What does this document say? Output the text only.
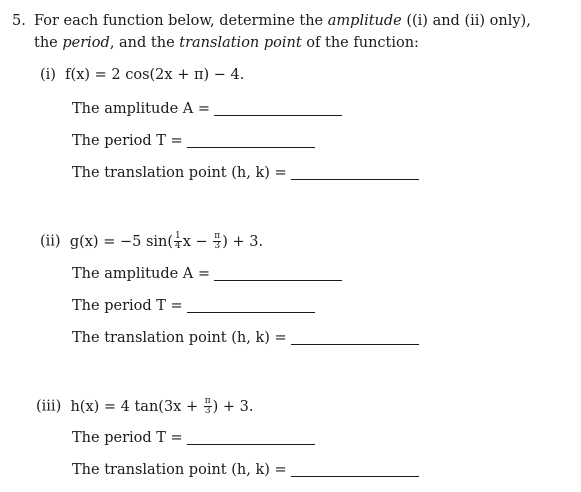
5. For each function below, determine the amplitude ((i) and (ii) only),
the period, and the translation point of the function:
(i) f(x) = 2 cos(2x + π) − 4.
The amplitude A =
The period T =
The translation point (h, k) =
(ii) g(x) = −5 $\sin( \frac{1}{4}$ $x - \frac{\pi}{3}$ ) + 3.
The amplitude A =
The period T =
The translation point (h, k) =
(iii) h(x) = 4 $\tan(3x + \frac{\pi}{3}$ ) + 3.
The period T =
The translation point (h, k) =
